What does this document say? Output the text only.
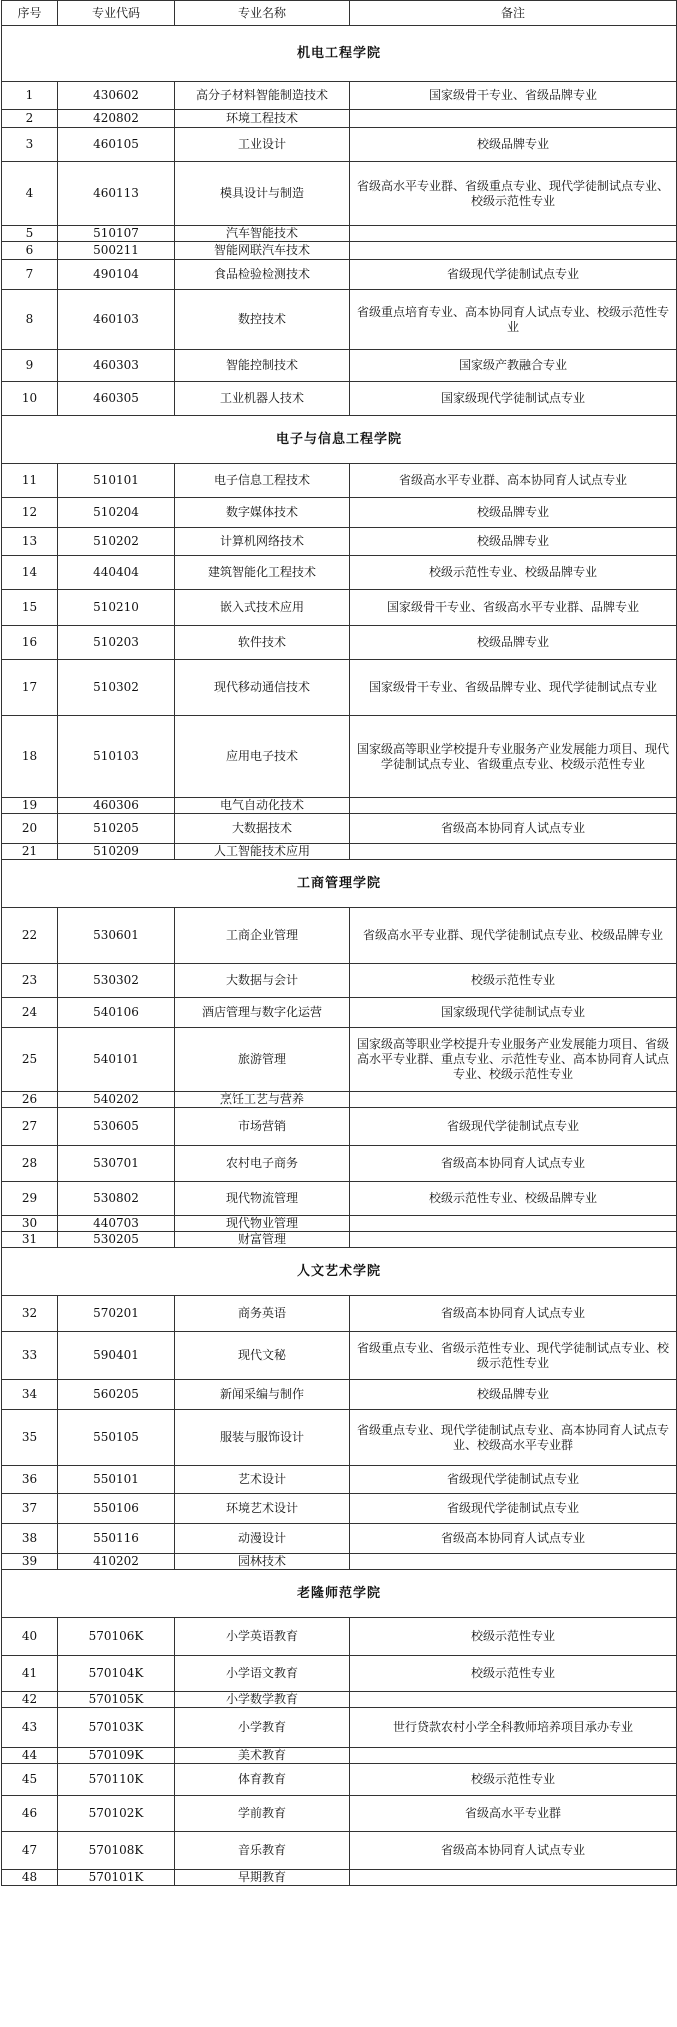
序号	专业代码	专业名称	备注
机电工程学院			
1	430602	高分子材料智能制造技术	国家级骨干专业、省级品牌专业
2	420802	环境工程技术	
3	460105	工业设计	校级品牌专业
4	460113	模具设计与制造	省级高水平专业群、省级重点专业、现代学徒制试点专业、校级示范性专业
5	510107	汽车智能技术	
6	500211	智能网联汽车技术	
7	490104	食品检验检测技术	省级现代学徒制试点专业
8	460103	数控技术	省级重点培育专业、高本协同育人试点专业、校级示范性专业
9	460303	智能控制技术	国家级产教融合专业
10	460305	工业机器人技术	国家级现代学徒制试点专业
电子与信息工程学院			
11	510101	电子信息工程技术	省级高水平专业群、高本协同育人试点专业
12	510204	数字媒体技术	校级品牌专业
13	510202	计算机网络技术	校级品牌专业
14	440404	建筑智能化工程技术	校级示范性专业、校级品牌专业
15	510210	嵌入式技术应用	国家级骨干专业、省级高水平专业群、品牌专业
16	510203	软件技术	校级品牌专业
17	510302	现代移动通信技术	国家级骨干专业、省级品牌专业、现代学徒制试点专业
18	510103	应用电子技术	国家级高等职业学校提升专业服务产业发展能力项目、现代学徒制试点专业、省级重点专业、校级示范性专业
19	460306	电气自动化技术	
20	510205	大数据技术	省级高本协同育人试点专业
21	510209	人工智能技术应用	
工商管理学院			
22	530601	工商企业管理	省级高水平专业群、现代学徒制试点专业、校级品牌专业
23	530302	大数据与会计	校级示范性专业
24	540106	酒店管理与数字化运营	国家级现代学徒制试点专业
25	540101	旅游管理	国家级高等职业学校提升专业服务产业发展能力项目、省级高水平专业群、重点专业、示范性专业、高本协同育人试点专业、校级示范性专业
26	540202	烹饪工艺与营养	
27	530605	市场营销	省级现代学徒制试点专业
28	530701	农村电子商务	省级高本协同育人试点专业
29	530802	现代物流管理	校级示范性专业、校级品牌专业
30	440703	现代物业管理	
31	530205	财富管理	
人文艺术学院			
32	570201	商务英语	省级高本协同育人试点专业
33	590401	现代文秘	省级重点专业、省级示范性专业、现代学徒制试点专业、校级示范性专业
34	560205	新闻采编与制作	校级品牌专业
35	550105	服装与服饰设计	省级重点专业、现代学徒制试点专业、高本协同育人试点专业、校级高水平专业群
36	550101	艺术设计	省级现代学徒制试点专业
37	550106	环境艺术设计	省级现代学徒制试点专业
38	550116	动漫设计	省级高本协同育人试点专业
39	410202	园林技术	
老隆师范学院			
40	570106K	小学英语教育	校级示范性专业
41	570104K	小学语文教育	校级示范性专业
42	570105K	小学数学教育	
43	570103K	小学教育	世行贷款农村小学全科教师培养项目承办专业
44	570109K	美术教育	
45	570110K	体育教育	校级示范性专业
46	570102K	学前教育	省级高水平专业群
47	570108K	音乐教育	省级高本协同育人试点专业
48	570101K	早期教育	
